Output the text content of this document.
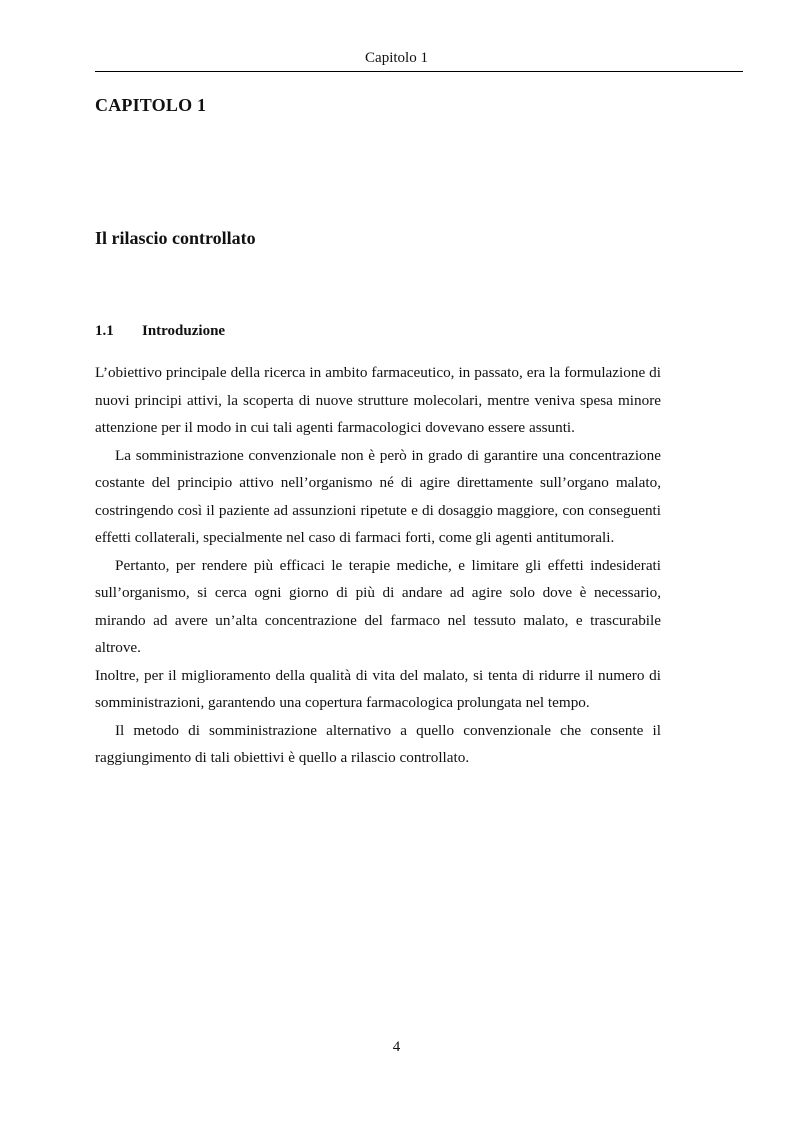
Capitolo 1
CAPITOLO 1
Il rilascio controllato
1.1 Introduzione

L’obiettivo principale della ricerca in ambito farmaceutico, in passato, era la formulazione di nuovi principi attivi, la scoperta di nuove strutture molecolari, mentre veniva spesa minore attenzione per il modo in cui tali agenti farmacologici dovevano essere assunti.

La somministrazione convenzionale non è però in grado di garantire una concentrazione costante del principio attivo nell’organismo né di agire direttamente sull’organo malato, costringendo così il paziente ad assunzioni ripetute e di dosaggio maggiore, con conseguenti effetti collaterali, specialmente nel caso di farmaci forti, come gli agenti antitumorali.

Pertanto, per rendere più efficaci le terapie mediche, e limitare gli effetti indesiderati sull’organismo, si cerca ogni giorno di più di andare ad agire solo dove è necessario, mirando ad avere un’alta concentrazione del farmaco nel tessuto malato, e trascurabile altrove.

Inoltre, per il miglioramento della qualità di vita del malato, si tenta di ridurre il numero di somministrazioni, garantendo una copertura farmacologica prolungata nel tempo.

Il metodo di somministrazione alternativo a quello convenzionale che consente il raggiungimento di tali obiettivi è quello a rilascio controllato.

4
